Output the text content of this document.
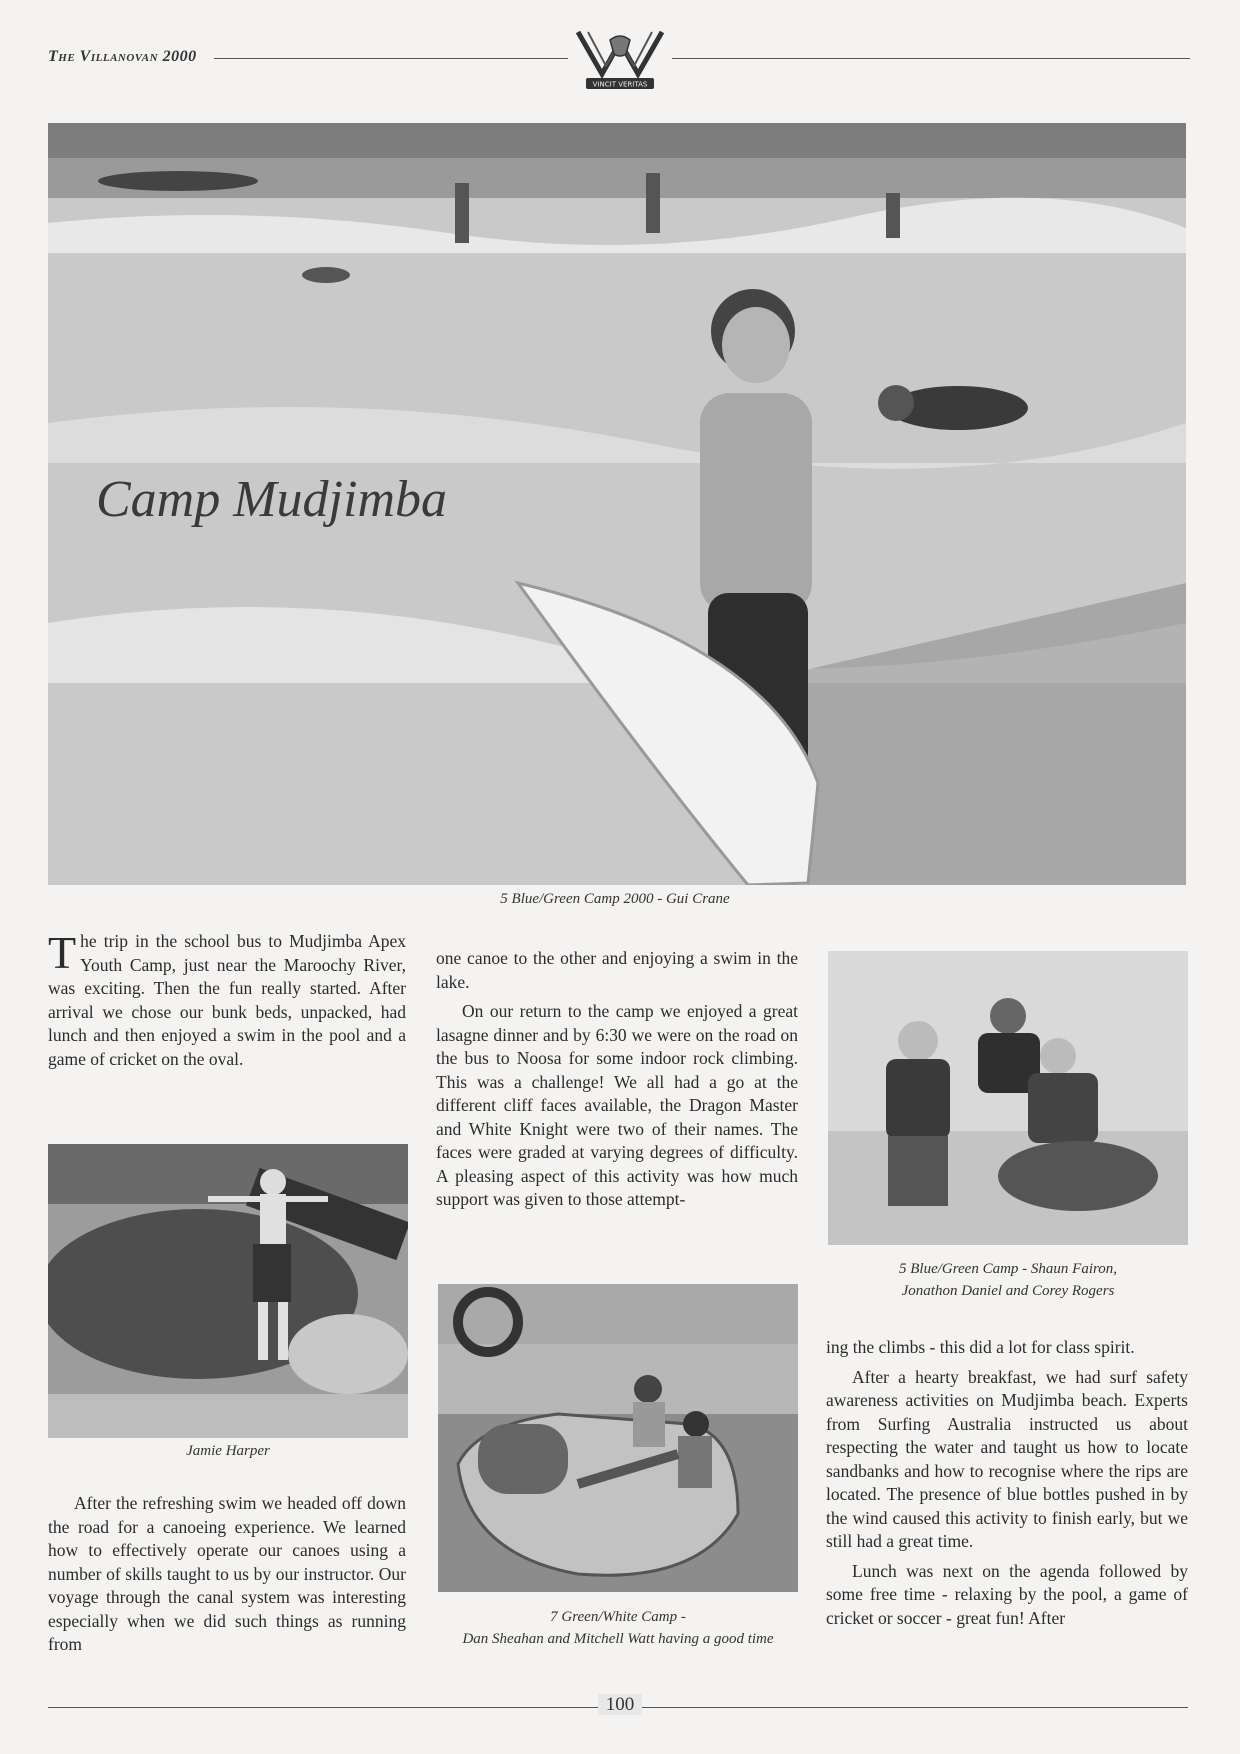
The Villanovan 2000
VINCIT VERITAS
Camp Mudjimba
5 Blue/Green Camp 2000 - Gui Crane

The trip in the school bus to Mudjimba Apex Youth Camp, just near the Maroochy River, was exciting. Then the fun really started. After arrival we chose our bunk beds, unpacked, had lunch and then enjoyed a swim in the pool and a game of cricket on the oval.

Jamie Harper

After the refreshing swim we headed off down the road for a canoeing experience. We learned how to effectively operate our canoes using a number of skills taught to us by our instructor. Our voyage through the canal system was interesting especially when we did such things as running from

one canoe to the other and enjoying a swim in the lake.

On our return to the camp we enjoyed a great lasagne dinner and by 6:30 we were on the road on the bus to Noosa for some indoor rock climbing. This was a challenge! We all had a go at the different cliff faces available, the Dragon Master and White Knight were two of their names. The faces were graded at varying degrees of difficulty. A pleasing aspect of this activity was how much support was given to those attempt-

7 Green/White Camp -
Dan Sheahan and Mitchell Watt having a good time
5 Blue/Green Camp - Shaun Fairon,
Jonathon Daniel and Corey Rogers

ing the climbs - this did a lot for class spirit.

After a hearty breakfast, we had surf safety awareness activities on Mudjimba beach. Experts from Surfing Australia instructed us about respecting the water and taught us how to locate sandbanks and how to recognise where the rips are located. The presence of blue bottles pushed in by the wind caused this activity to finish early, but we still had a great time.

Lunch was next on the agenda followed by some free time - relaxing by the pool, a game of cricket or soccer - great fun! After

100
